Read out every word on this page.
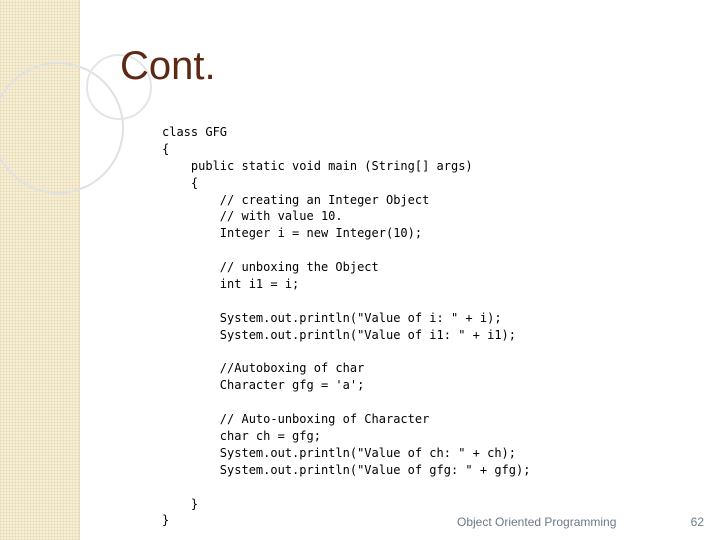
Cont.
class GFG
{
public static void main (String[] args)
{
// creating an Integer Object
// with value 10.
Integer i = new Integer(10);
// unboxing the Object
int i1 = i;
System.out.println("Value of i: " + i);
System.out.println("Value of i1: " + i1);
//Autoboxing of char
Character gfg = 'a';
// Auto-unboxing of Character
char ch = gfg;
System.out.println("Value of ch: " + ch);
System.out.println("Value of gfg: " + gfg);
}
}	Object Oriented Programming	62
